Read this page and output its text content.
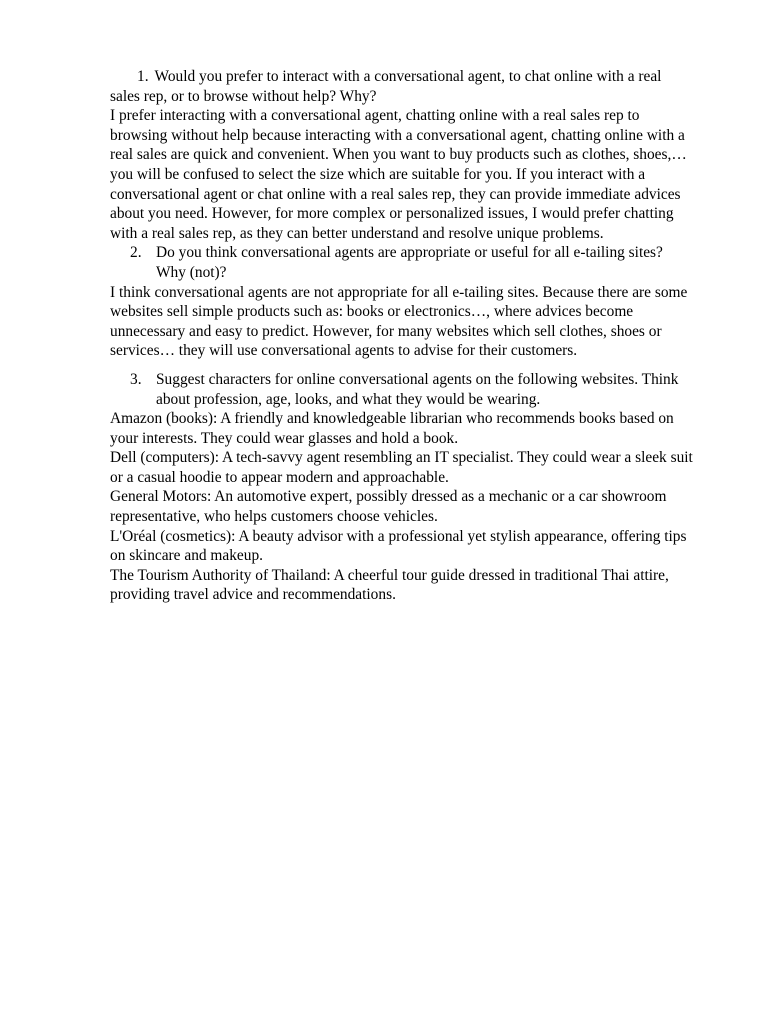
1. Would you prefer to interact with a conversational agent, to chat online with a real sales rep, or to browse without help? Why?

I prefer interacting with a conversational agent, chatting online with a real sales rep to browsing without help because interacting with a conversational agent, chatting online with a real sales are quick and convenient. When you want to buy products such as clothes, shoes,… you will be confused to select the size which are suitable for you. If you interact with a conversational agent or chat online with a real sales rep, they can provide immediate advices about you need. However, for more complex or personalized issues, I would prefer chatting with a real sales rep, as they can better understand and resolve unique problems.

2. Do you think conversational agents are appropriate or useful for all e-tailing sites? Why (not)?

I think conversational agents are not appropriate for all e-tailing sites. Because there are some websites sell simple products such as: books or electronics…, where advices become unnecessary and easy to predict. However, for many websites which sell clothes, shoes or services… they will use conversational agents to advise for their customers.

3. Suggest characters for online conversational agents on the following websites. Think about profession, age, looks, and what they would be wearing.

Amazon (books): A friendly and knowledgeable librarian who recommends books based on your interests. They could wear glasses and hold a book.

Dell (computers): A tech-savvy agent resembling an IT specialist. They could wear a sleek suit or a casual hoodie to appear modern and approachable.

General Motors: An automotive expert, possibly dressed as a mechanic or a car showroom representative, who helps customers choose vehicles.

L'Oréal (cosmetics): A beauty advisor with a professional yet stylish appearance, offering tips on skincare and makeup.

The Tourism Authority of Thailand: A cheerful tour guide dressed in traditional Thai attire, providing travel advice and recommendations.
